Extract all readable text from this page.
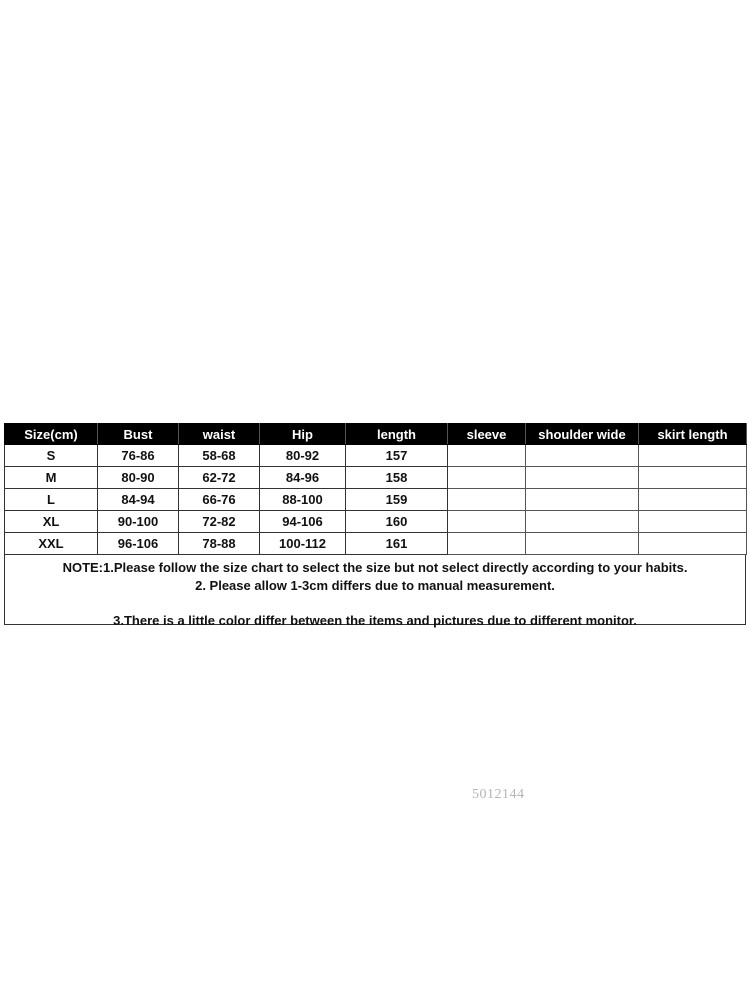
Size(cm)	Bust	waist	Hip	length	sleeve	shoulder wide	skirt length
S	76-86	58-68	80-92	157			
M	80-90	62-72	84-96	158			
L	84-94	66-76	88-100	159			
XL	90-100	72-82	94-106	160			
XXL	96-106	78-88	100-112	161			
NOTE:1.Please follow the size chart to select the size but not select directly according to your habits.
2. Please allow 1-3cm differs due to manual measurement.
3.There is a little color differ between the items and pictures due to different monitor.
5012144
